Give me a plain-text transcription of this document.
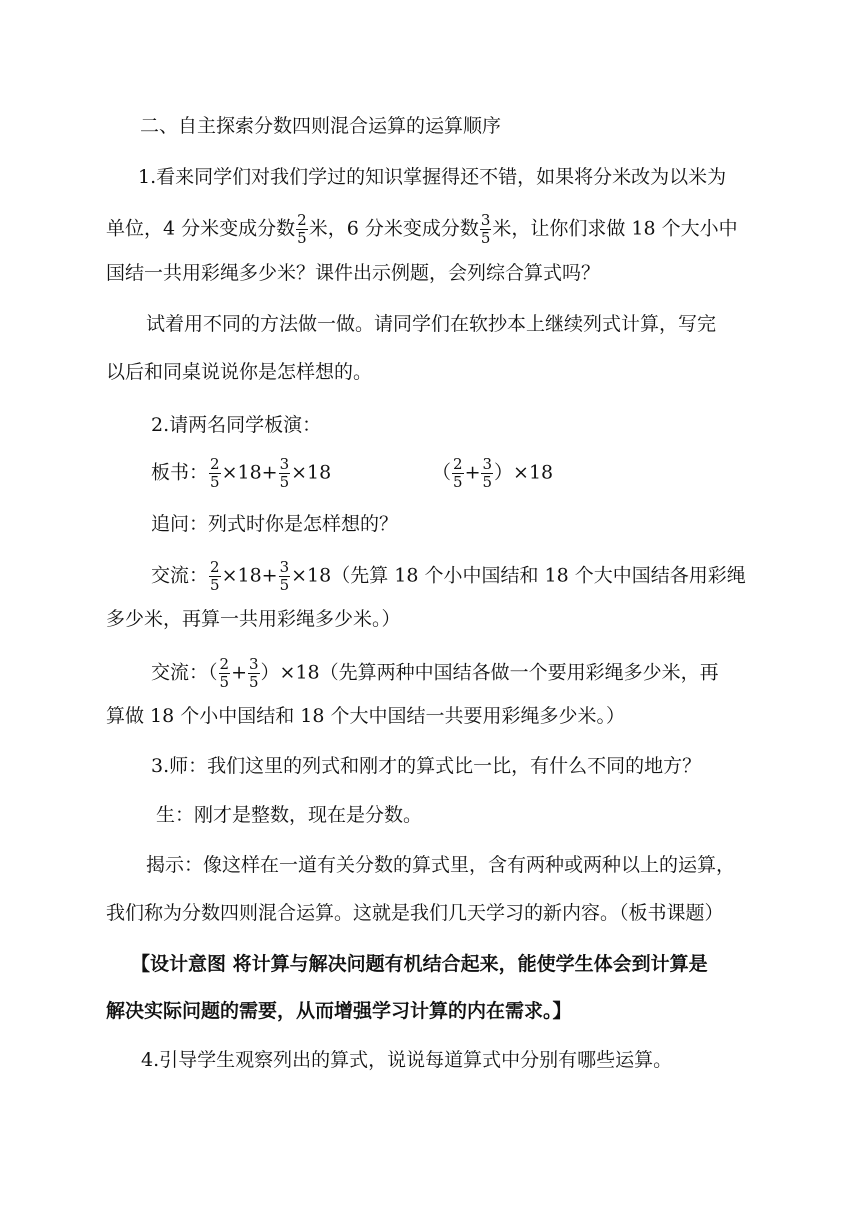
二、自主探索分数四则混合运算的运算顺序
1.看来同学们对我们学过的知识掌握得还不错，如果将分米改为以米为
单位，4 分米变成分数 $\frac{2}{5}$ 米，6 分米变成分数 $\frac{3}{5}$ 米，让你们求做 18 个大小中
国结一共用彩绳多少米？课件出示例题，会列综合算式吗？
试着用不同的方法做一做。请同学们在软抄本上继续列式计算，写完
以后和同桌说说你是怎样想的。
2.请两名同学板演：
板书： $\frac{2}{5} \times 18+ \frac{3}{5} \times 18$	（ $\frac{2}{5} + \frac{3}{5} )\times 18$
追问：列式时你是怎样想的？
交流： $\frac{2}{5} \times 18+ \frac{3}{5} \times 18$（先算 18 个小中国结和 18 个大中国结各用彩绳
多少米，再算一共用彩绳多少米。）
交流：（ $\frac{2}{5} + \frac{3}{5} )\times 18$（先算两种中国结各做一个要用彩绳多少米，再
算做 18 个小中国结和 18 个大中国结一共要用彩绳多少米。）
3.师：我们这里的列式和刚才的算式比一比，有什么不同的地方？
生：刚才是整数，现在是分数。
揭示：像这样在一道有关分数的算式里，含有两种或两种以上的运算，
我们称为分数四则混合运算。这就是我们几天学习的新内容。（板书课题）
【设计意图 将计算与解决问题有机结合起来，能使学生体会到计算是
解决实际问题的需要，从而增强学习计算的内在需求。】
4.引导学生观察列出的算式，说说每道算式中分别有哪些运算。
